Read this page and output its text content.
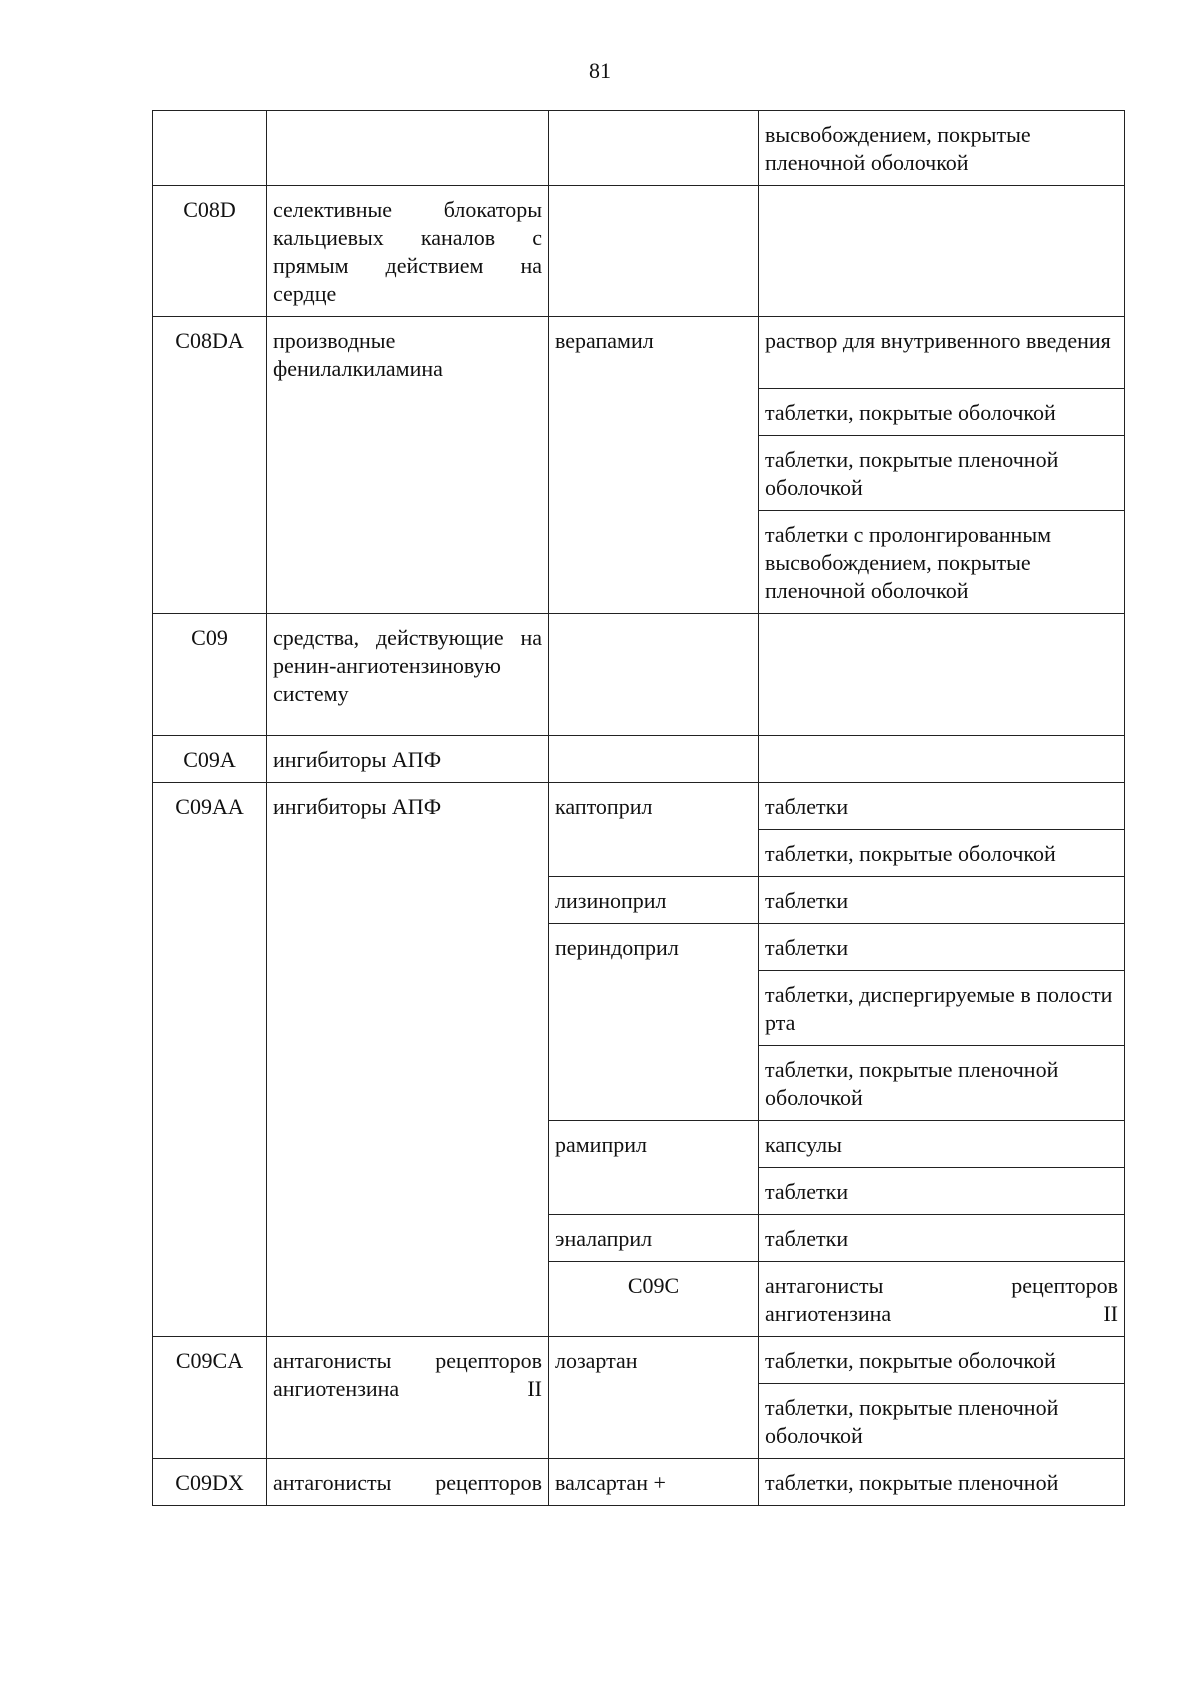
81
			высвобождением, покрытые пленочной оболочкой	
C08D	селективные блокаторы кальциевых каналов с прямым действием на сердце			
C08DA	производные фенилалкиламина	верапамил	раствор для внутривенного введения	
			таблетки, покрытые оболочкой	
			таблетки, покрытые пленочной оболочкой	
			таблетки с пролонгированным высвобождением, покрытые пленочной оболочкой	
C09	средства, действующие на ренин-ангиотензиновую систему			
C09A	ингибиторы АПФ			
C09AA	ингибиторы АПФ	каптоприл	таблетки	
			таблетки, покрытые оболочкой	
		лизиноприл	таблетки	
		периндоприл	таблетки	
			таблетки, диспергируемые в полости рта	
			таблетки, покрытые пленочной оболочкой	
		рамиприл	капсулы	
			таблетки	
		эналаприл	таблетки	
		C09C	антагонисты рецепторов ангиотензина II		
C09CA	антагонисты рецепторов ангиотензина II	лозартан	таблетки, покрытые оболочкой	
			таблетки, покрытые пленочной оболочкой	
C09DX	антагонисты рецепторов	валсартан +	таблетки, покрытые пленочной	
